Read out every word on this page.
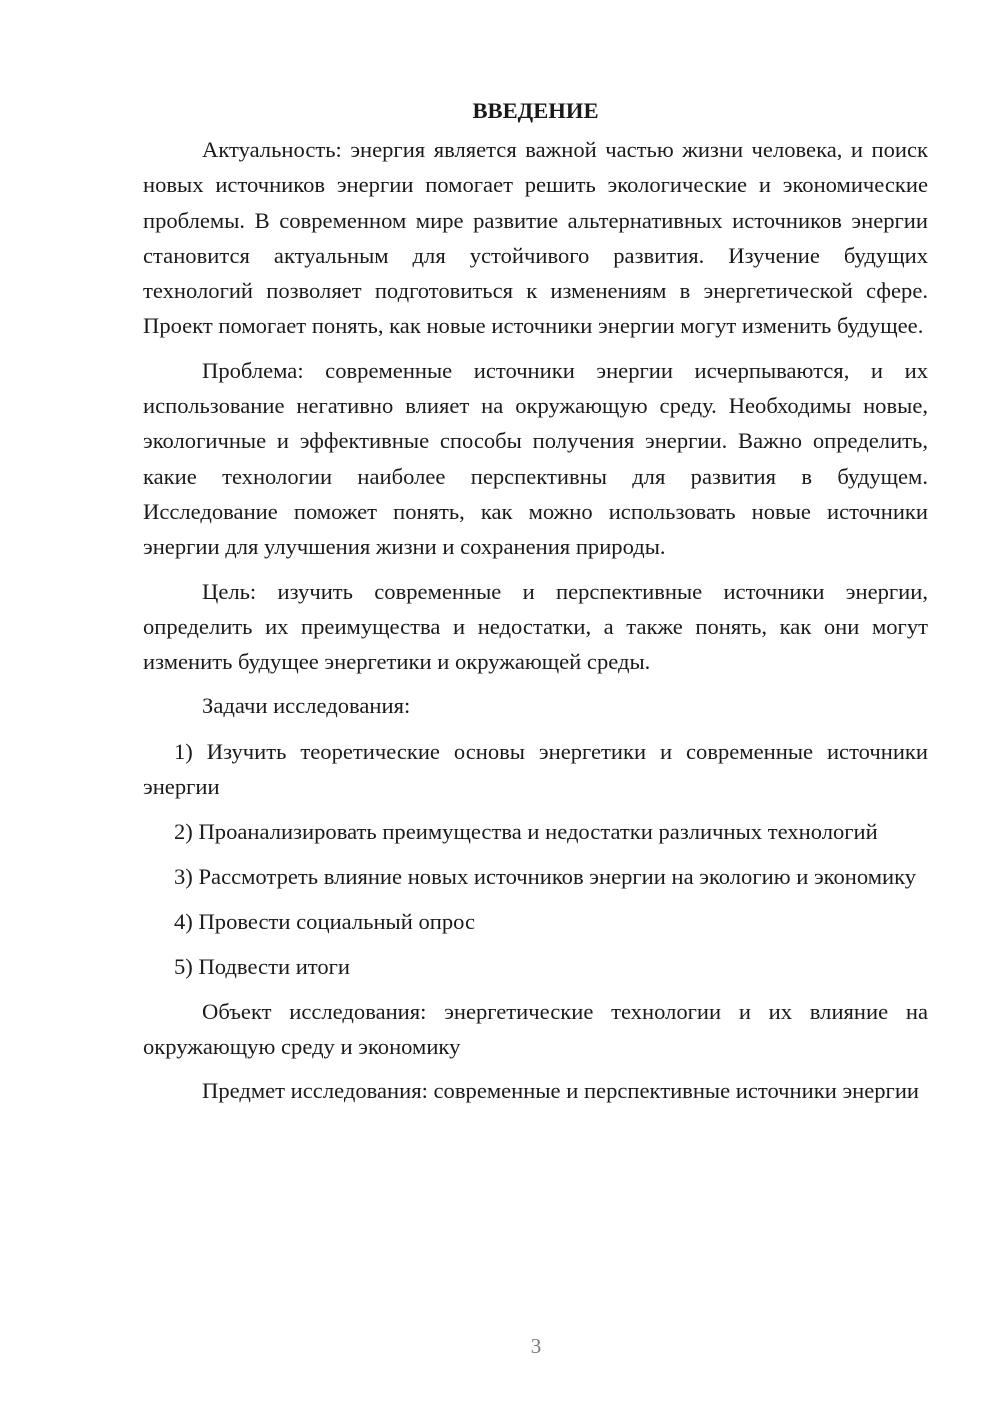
ВВЕДЕНИЕ

Актуальность: энергия является важной частью жизни человека, и поиск новых источников энергии помогает решить экологические и экономические проблемы. В современном мире развитие альтернативных источников энергии становится актуальным для устойчивого развития. Изучение будущих технологий позволяет подготовиться к изменениям в энергетической сфере. Проект помогает понять, как новые источники энергии могут изменить будущее.

Проблема: современные источники энергии исчерпываются, и их использование негативно влияет на окружающую среду. Необходимы новые, экологичные и эффективные способы получения энергии. Важно определить, какие технологии наиболее перспективны для развития в будущем. Исследование поможет понять, как можно использовать новые источники энергии для улучшения жизни и сохранения природы.

Цель: изучить современные и перспективные источники энергии, определить их преимущества и недостатки, а также понять, как они могут изменить будущее энергетики и окружающей среды.

Задачи исследования:

1) Изучить теоретические основы энергетики и современные источники энергии

2) Проанализировать преимущества и недостатки различных технологий

3) Рассмотреть влияние новых источников энергии на экологию и экономику

4) Провести социальный опрос

5) Подвести итоги

Объект исследования: энергетические технологии и их влияние на окружающую среду и экономику

Предмет исследования: современные и перспективные источники энергии

3
